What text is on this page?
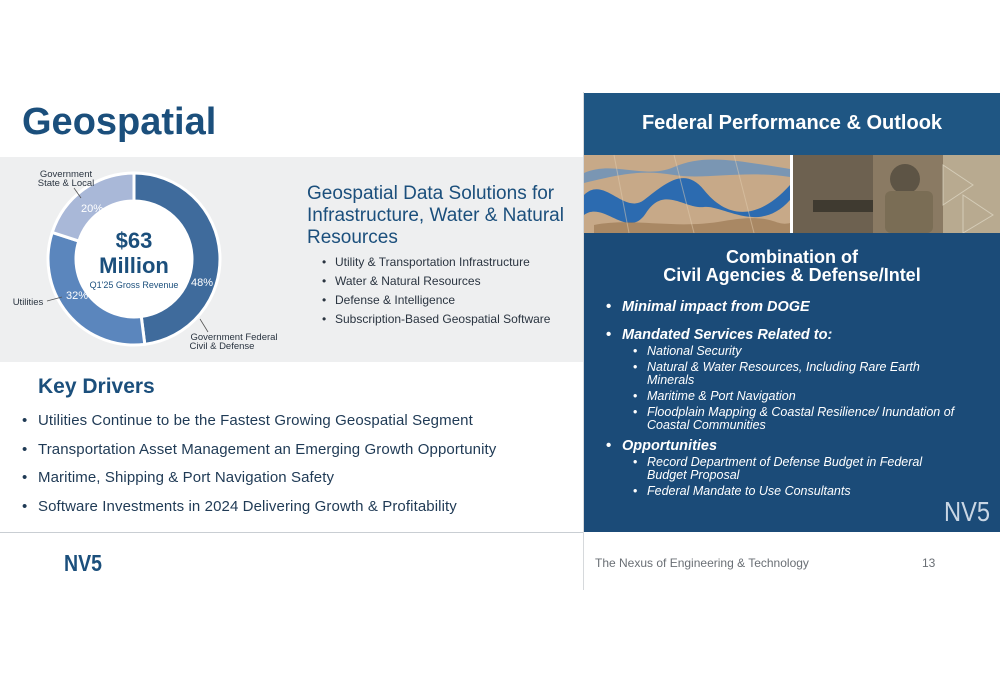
Geospatial
$63
Million
Q1'25 Gross Revenue 48%
32%
20%
Government
State & Local
Utilities
Government Federal
Civil & Defense
Geospatial Data Solutions for Infrastructure, Water & Natural Resources
• Utility & Transportation Infrastructure
• Water & Natural Resources
• Defense & Intelligence
• Subscription-Based Geospatial Software
Key Drivers
• Utilities Continue to be the Fastest Growing Geospatial Segment
• Transportation Asset Management an Emerging Growth Opportunity
• Maritime, Shipping & Port Navigation Safety
• Software Investments in 2024 Delivering Growth & Profitability
NV5	The Nexus of Engineering & Technology	13
Federal Performance & Outlook
Combination of
Civil Agencies & Defense/Intel
• Minimal impact from DOGE
• Mandated Services Related to:
• National Security
• Natural & Water Resources, Including Rare Earth Minerals
• Maritime & Port Navigation
• Floodplain Mapping & Coastal Resilience/ Inundation of Coastal Communities
• Opportunities
• Record Department of Defense Budget in Federal Budget Proposal
• Federal Mandate to Use Consultants
NV5
